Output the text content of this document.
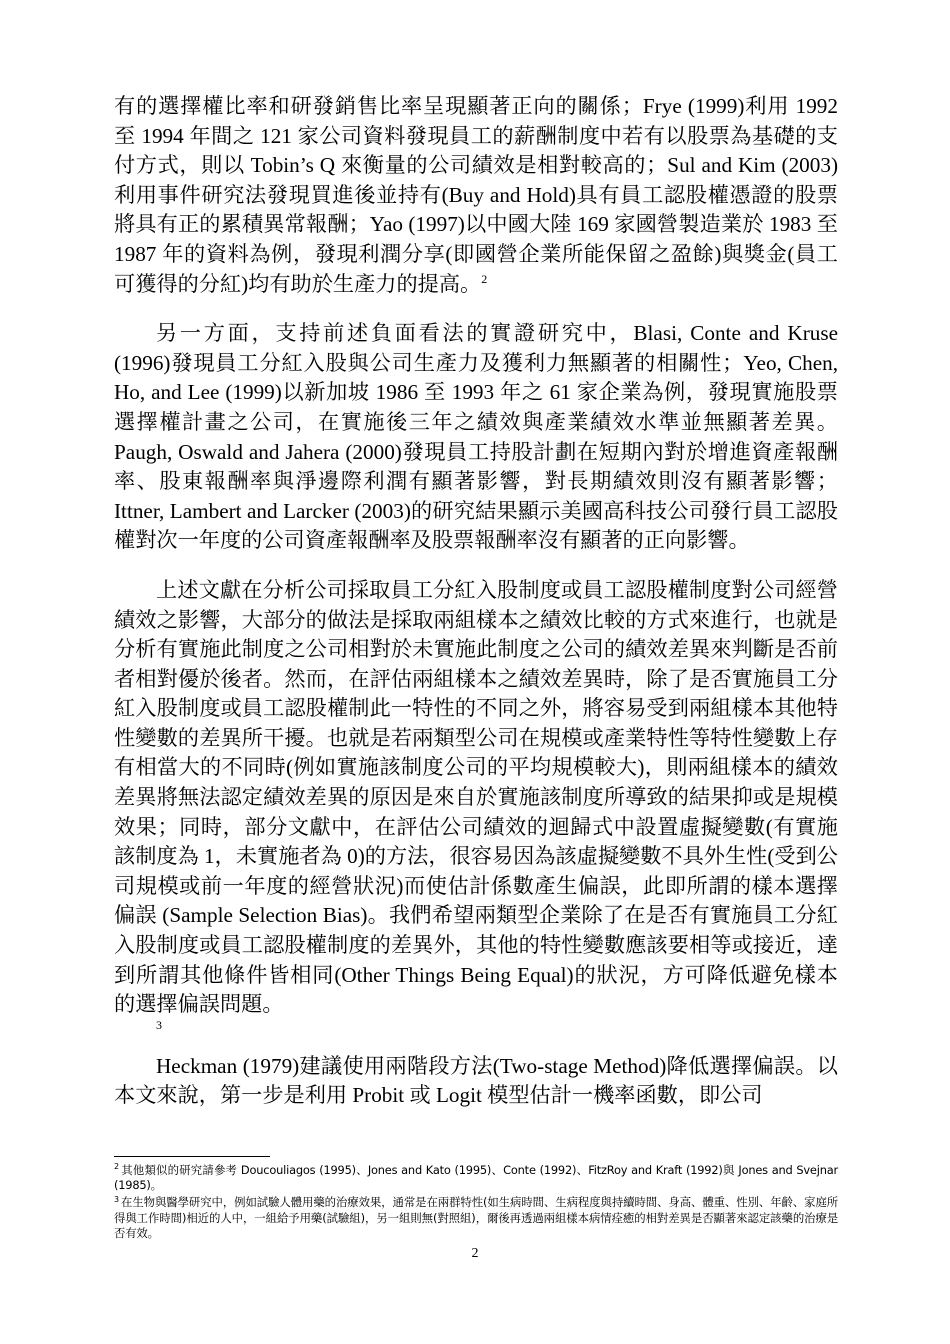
有的選擇權比率和研發銷售比率呈現顯著正向的關係；Frye (1999)利用 1992 至 1994 年間之 121 家公司資料發現員工的薪酬制度中若有以股票為基礎的支付方式，則以 Tobin’s Q 來衡量的公司績效是相對較高的；Sul and Kim (2003)利用事件研究法發現買進後並持有(Buy and Hold)具有員工認股權憑證的股票將具有正的累積異常報酬；Yao (1997)以中國大陸 169 家國營製造業於 1983 至 1987 年的資料為例，發現利潤分享(即國營企業所能保留之盈餘)與獎金(員工可獲得的分紅)均有助於生產力的提高。$^2$

另一方面，支持前述負面看法的實證研究中，Blasi, Conte and Kruse (1996)發現員工分紅入股與公司生產力及獲利力無顯著的相關性；Yeo, Chen, Ho, and Lee (1999)以新加坡 1986 至 1993 年之 61 家企業為例，發現實施股票選擇權計畫之公司，在實施後三年之績效與產業績效水準並無顯著差異。Paugh, Oswald and Jahera (2000)發現員工持股計劃在短期內對於增進資產報酬率、股東報酬率與淨邊際利潤有顯著影響，對長期績效則沒有顯著影響；Ittner, Lambert and Larcker (2003)的研究結果顯示美國高科技公司發行員工認股權對次一年度的公司資產報酬率及股票報酬率沒有顯著的正向影響。

上述文獻在分析公司採取員工分紅入股制度或員工認股權制度對公司經營績效之影響，大部分的做法是採取兩組樣本之績效比較的方式來進行，也就是分析有實施此制度之公司相對於未實施此制度之公司的績效差異來判斷是否前者相對優於後者。然而，在評估兩組樣本之績效差異時，除了是否實施員工分紅入股制度或員工認股權制此一特性的不同之外，將容易受到兩組樣本其他特性變數的差異所干擾。也就是若兩類型公司在規模或產業特性等特性變數上存有相當大的不同時(例如實施該制度公司的平均規模較大)，則兩組樣本的績效差異將無法認定績效差異的原因是來自於實施該制度所導致的結果抑或是規模效果；同時，部分文獻中，在評估公司績效的迴歸式中設置虛擬變數(有實施該制度為 1，未實施者為 0)的方法，很容易因為該虛擬變數不具外生性(受到公司規模或前一年度的經營狀況)而使估計係數產生偏誤，此即所謂的樣本選擇偏誤 (Sample Selection Bias)。我們希望兩類型企業除了在是否有實施員工分紅入股制度或員工認股權制度的差異外，其他的特性變數應該要相等或接近，達到所謂其他條件皆相同(Other Things Being Equal)的狀況，方可降低避免樣本的選擇偏誤問題。
3

Heckman (1979)建議使用兩階段方法(Two-stage Method)降低選擇偏誤。以本文來說，第一步是利用 Probit 或 Logit 模型估計一機率函數，即公司

$^2$ 其他類似的研究請參考 Doucouliagos (1995)、Jones and Kato (1995)、Conte (1992)、FitzRoy and Kraft (1992)與 Jones and Svejnar (1985)。

$^3$ 在生物與醫學研究中，例如試驗人體用藥的治療效果，通常是在兩群特性(如生病時間、生病程度與持續時間、身高、體重、性別、年齡、家庭所得與工作時間)相近的人中，一組給予用藥(試驗組)，另一組則無(對照組)，爾後再透過兩組樣本病情痊癒的相對差異是否顯著來認定該藥的治療是否有效。

2
